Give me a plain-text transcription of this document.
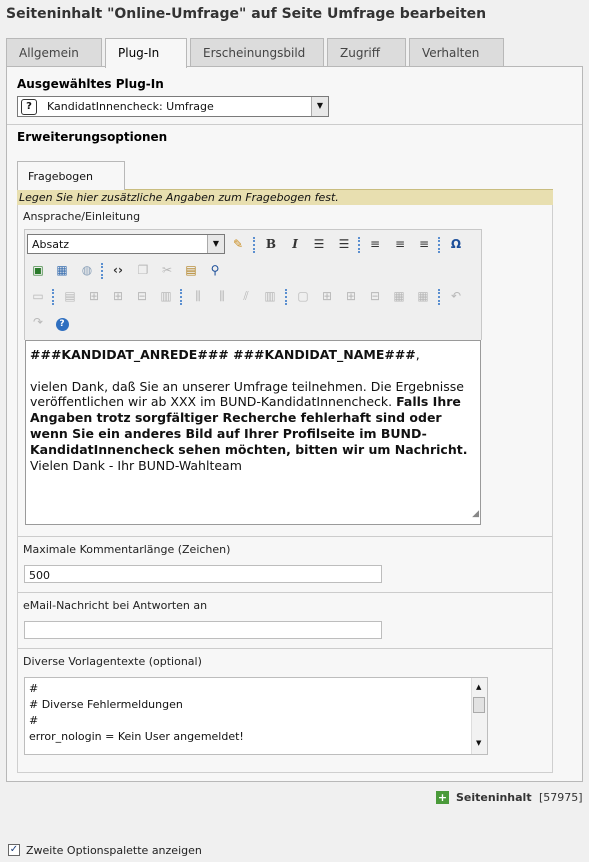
Seiteninhalt "Online-Umfrage" auf Seite Umfrage bearbeiten
Allgemein	Plug-In	Erscheinungsbild	Zugriff	Verhalten
Ausgewähltes Plug-In
?	KandidatInnencheck: Umfrage	▼
Erweiterungsoptionen
Fragebogen
Legen Sie hier zusätzliche Angaben zum Fragebogen fest.
Ansprache/Einleitung
Absatz	▼	✎	B	I	☰	☰	≡	≡	≡	Ω
▣ ▦	◍	‹›	❐	✂	▤	⚲
▭ ▤	⊞	⊞	⊟	▥	⫼	⫼	⫽	▥ ▢	⊞	⊞	⊟	▦ ▦	↶
↷	?
###KANDIDAT_ANREDE### ###KANDIDAT_NAME###,
vielen Dank, daß Sie an unserer Umfrage teilnehmen. Die Ergebnisse veröffentlichen wir ab XXX im BUND-KandidatInnencheck. Falls Ihre Angaben trotz sorgfältiger Recherche fehlerhaft sind oder wenn Sie ein anderes Bild auf Ihrer Profilseite im BUND-KandidatInnencheck sehen möchten, bitten wir um Nachricht.
Vielen Dank - Ihr BUND-Wahlteam
◢
Maximale Kommentarlänge (Zeichen)
500
eMail-Nachricht bei Antworten an
Diverse Vorlagentexte (optional)
#
# Diverse Fehlermeldungen
#
error_nologin = Kein User angemeldet!
▲
▼
+ Seiteninhalt [57975]
✓ Zweite Optionspalette anzeigen
